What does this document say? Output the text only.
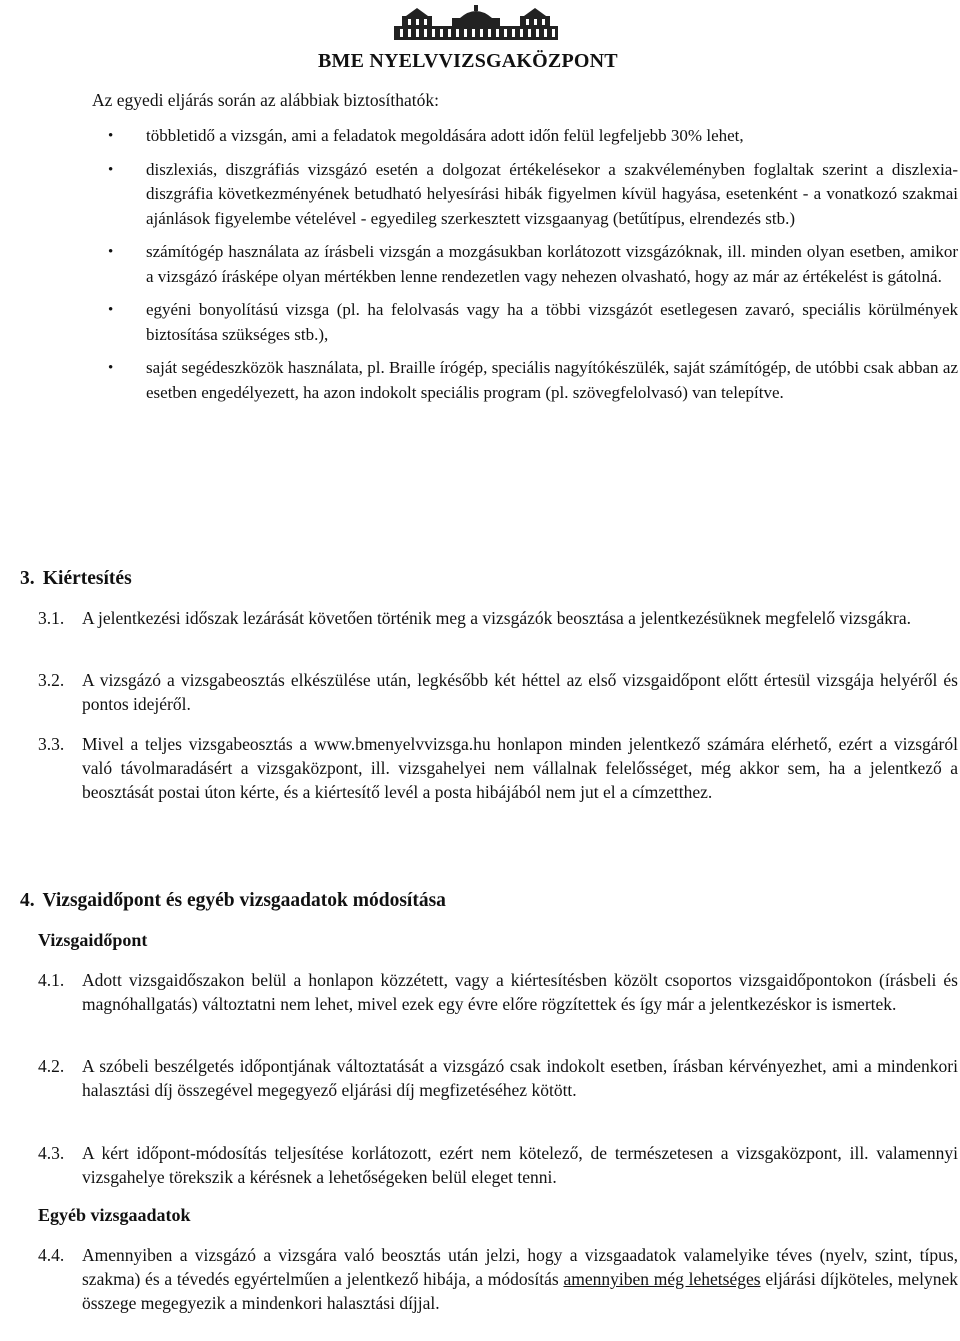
BME NYELVVIZSGAKÖZPONT
Az egyedi eljárás során az alábbiak biztosíthatók:
• többletidő a vizsgán, ami a feladatok megoldására adott időn felül legfeljebb 30% lehet,
• diszlexiás, diszgráfiás vizsgázó esetén a dolgozat értékelésekor a szakvéleményben foglaltak szerint a diszlexia-diszgráfia következményének betudható helyesírási hibák figyelmen kívül hagyása, esetenként - a vonatkozó szakmai ajánlások figyelembe vételével - egyedileg szerkesztett vizsgaanyag (betűtípus, elrendezés stb.)
• számítógép használata az írásbeli vizsgán a mozgásukban korlátozott vizsgázóknak, ill. minden olyan esetben, amikor a vizsgázó írásképe olyan mértékben lenne rendezetlen vagy nehezen olvasható, hogy az már az értékelést is gátolná.
• egyéni bonyolítású vizsga (pl. ha felolvasás vagy ha a többi vizsgázót esetlegesen zavaró, speciális körülmények biztosítása szükséges stb.),
• saját segédeszközök használata, pl. Braille írógép, speciális nagyítókészülék, saját számítógép, de utóbbi csak abban az esetben engedélyezett, ha azon indokolt speciális program (pl. szövegfelolvasó) van telepítve.
3. Kiértesítés
3.1.	A jelentkezési időszak lezárását követően történik meg a vizsgázók beosztása a jelentkezésüknek megfelelő vizsgákra.
3.2.	A vizsgázó a vizsgabeosztás elkészülése után, legkésőbb két héttel az első vizsgaidőpont előtt értesül vizsgája helyéről és pontos idejéről.
3.3.	Mivel a teljes vizsgabeosztás a www.bmenyelvvizsga.hu honlapon minden jelentkező számára elérhető, ezért a vizsgáról való távolmaradásért a vizsgaközpont, ill. vizsgahelyei nem vállalnak felelősséget, még akkor sem, ha a jelentkező a beosztását postai úton kérte, és a kiértesítő levél a posta hibájából nem jut el a címzetthez.
4. Vizsgaidőpont és egyéb vizsgaadatok módosítása
Vizsgaidőpont
4.1.	Adott vizsgaidőszakon belül a honlapon közzétett, vagy a kiértesítésben közölt csoportos vizsgaidőpontokon (írásbeli és magnóhallgatás) változtatni nem lehet, mivel ezek egy évre előre rögzítettek és így már a jelentkezéskor is ismertek.
4.2.	A szóbeli beszélgetés időpontjának változtatását a vizsgázó csak indokolt esetben, írásban kérvényezhet, ami a mindenkori halasztási díj összegével megegyező eljárási díj megfizetéséhez kötött.
4.3.	A kért időpont-módosítás teljesítése korlátozott, ezért nem kötelező, de természetesen a vizsgaközpont, ill. valamennyi vizsgahelye törekszik a kérésnek a lehetőségeken belül eleget tenni.
Egyéb vizsgaadatok
4.4.	Amennyiben a vizsgázó a vizsgára való beosztás után jelzi, hogy a vizsgaadatok valamelyike téves (nyelv, szint, típus, szakma) és a tévedés egyértelműen a jelentkező hibája, a módosítás amennyiben még lehetséges eljárási díjköteles, melynek összege megegyezik a mindenkori halasztási díjjal.
